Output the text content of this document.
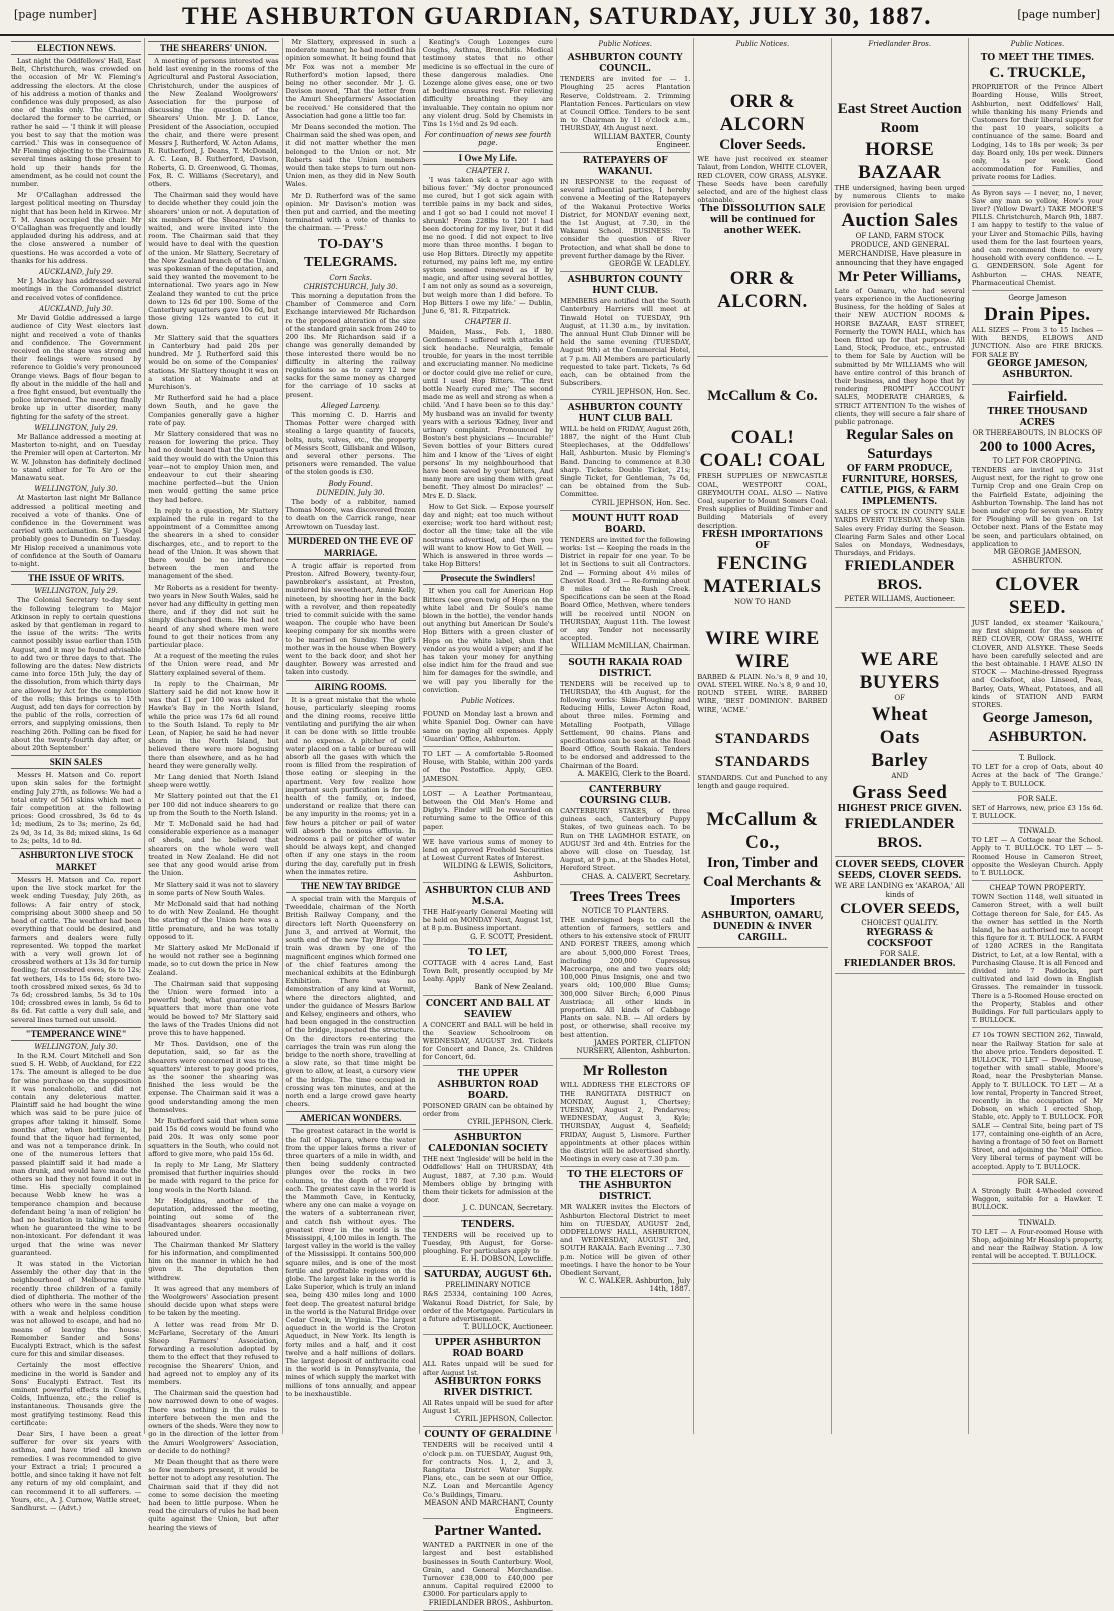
[page number]	THE ASHBURTON GUARDIAN, SATURDAY, JULY 30, 1887.	[page number]
ELECTION NEWS.

Last night the Oddfellows' Hall, East Belt, Christchurch, was crowded on the occasion of Mr W. Fleming's addressing the electors. At the close of his address a motion of thanks and confidence was duly proposed, as also one of thanks only. The Chairman declared the former to be carried, or rather he said — 'I think it will please you best to say that the motion was carried.' This was in consequence of Mr Fleming objecting to the Chairman several times asking those present to hold up their hands for the amendment, as he could not count the number.

Mr O'Callaghan addressed the largest political meeting on Thursday night that has been held in Kirwee. Mr T. M. Anson occupied the chair. Mr O'Callaghan was frequently and loudly applauded during his address, and at the close answered a number of questions. He was accorded a vote of thanks for his address.

AUCKLAND, July 29.

Mr J. Mackay has addressed several meetings in the Coromandel district and received votes of confidence.

AUCKLAND, July 30.

Mr David Goldie addressed a large audience of City West electors last night and received a vote of thanks and confidence. The Government received on the stage was strong and their feelings were roused by reference to Goldie's very pronounced Orange views. Bags of flour began to fly about in the middle of the hall and a free fight ensued, but eventually the police intervened. The meeting finally broke up in utter disorder, many fighting for the safety of the street.

WELLINGTON, July 29.

Mr Ballance addressed a meeting at Masterton to-night, and on Tuesday the Premier will open at Carterton. Mr W. W. Johnston has definitely declined to stand either for Te Aro or the Manawatu seat.

WELLINGTON, July 30.

At Masterton last night Mr Ballance addressed a political meeting and received a vote of thanks. One of confidence in the Government was carried with acclamation. Sir J. Vogel probably goes to Dunedin on Tuesday. Mr Hislop received a unanimous vote of confidence at the South of Oamaru to-night.

THE ISSUE OF WRITS.
WELLINGTON, July 29.

The Colonial Secretary to-day sent the following telegram to Major Atkinson in reply to certain questions asked by that gentleman in regard to the issue of the writs: 'The writs cannot possibly issue earlier than 15th August, and it may be found advisable to add two or three days to that. The following are the dates: New districts came into force 15th July, the day of the dissolution, from which thirty days are allowed by Act for the completion of the rolls; this brings us to 15th August, add ten days for correction by the public of the rolls, correction of errors, and supplying omissions, then reaching 26th. Polling can be fixed for about the twenty-fourth day after, or about 20th September.'

SKIN SALES

Messrs H. Matson and Co. report upon skin sales for the fortnight ending July 27th, as follows: We had a total entry of 561 skins which met a fair competition at the following prices: Good crossbred, 3s 6d to 4s 1d; medium, 2s to 3s; merino, 2s 6d, 2s 9d, 3s 1d, 3s 8d; mixed skins, 1s 6d to 2s; pelts, 1d to 8d.

ASHBURTON LIVE STOCK MARKET

Messrs H. Matson and Co. report upon the live stock market for the week ending Tuesday, July 26th, as follows: A fair entry of stock, comprising about 3000 sheep and 50 head of cattle. The weather had been everything that could be desired, and farmers and dealers were fully represented. We topped the market with a very well grown lot of crossbred wethers at 13s 3d for turnip feeding; fat crossbred ewes, 6s to 12s; fat wethers, 14s to 15s 6d; store two-tooth crossbred mixed sexes, 6s 3d to 7s 6d; crossbred lambs, 5s 3d to 10s 10d; crossbred ewes in lamb, 5s 6d to 8s 6d. Fat cattle a very dull sale, and several lines turned out unsold.

"TEMPERANCE WINE"
WELLINGTON, July 30.

In the R.M. Court Mitchell and Son sued S. H. Webb, of Auckland, for £22 17s. The amount is alleged to be due for wine purchase on the supposition it was nonalcoholic, and did not contain any deleterious matter. Plaintiff said he had bought the wine which was said to be pure juice of grapes after taking it himself. Some months after, when bottling it, he found that the liquor had fermented, and was not a temperance drink. In one of the numerous letters that passed plaintiff said it had made a man drunk, and would have made the others so had they not found it out in time. His specially complained because Webb knew he was a temperance champion and because defendant being 'a man of religion' he had no hesitation in taking his word when he guaranteed the wine to be non-intoxicant. For defendant it was urged that the wine was never guaranteed.

It was stated in the Victorian Assembly the other day that in the neighbourhood of Melbourne quite recently three children of a family died of diphtheria. The mother of the others who were in the same house with a weak and helpless condition was not allowed to escape, and had no means of leaving the house. Remember Sander and Sons' Eucalypti Extract, which is the safest cure for this and similar diseases.

Certainly the most effective medicine in the world is Sander and Sons' Eucalypti Extract. Test its eminent powerful effects in Coughs, Colds, Influenza, etc.; the relief is instantaneous. Thousands give the most gratifying testimony. Read this certificate:

Dear Sirs, I have been a great sufferer for over six years with asthma, and have tried all known remedies. I was recommended to give your Extract a trial; I procured a bottle, and since taking it have not felt any return of my old complaint, and can recommend it to all sufferers. — Yours, etc., A. J. Curnow, Wattle street, Sandhurst. — (Advt.)

THE SHEARERS' UNION.

A meeting of persons interested was held last evening in the rooms of the Agricultural and Pastoral Association, Christchurch, under the auspices of the New Zealand Woolgrowers' Association for the purpose of discussing the question of the Shearers' Union. Mr J. D. Lance, President of the Association, occupied the chair, and there were present Messrs J. Rutherford, W. Acton Adams, R. Rutherford, J. Deans, T. McDonald, A. C. Lean, B. Rutherford, Davison, Roberts, G. D. Greenwood, G. Thomas, Fox, R. C. Williams (Secretary), and others.

The Chairman said they would have to decide whether they could join the shearers' union or not. A deputation of six members of the Shearers' Union waited, and were invited into the room. The Chairman said that they would have to deal with the question of the union. Mr Slattery, Secretary of the New Zealand branch of the Union, was spokesman of the deputation, and said they wanted the movement to be international. Two years ago in New Zealand they wanted to cut the price down to 12s 6d per 100. Some of the Canterbury squatters gave 10s 6d, but those giving 12s wanted to cut it down.

Mr Slattery said that the squatters in Canterbury had paid 20s per hundred. Mr J. Rutherford said this would be on some of the Companies' stations. Mr Slattery thought it was on a station at Waimate and at Murchison's.

Mr Rutherford said he had a place down South, and he gave the Companies generally gave a higher rate of pay.

Mr Slattery considered that was no reason for lowering the price. They had no doubt heard that the squatters said they would do with the Union this year—not to employ Union men, and endeavour to cut their shearing machine perfected—but the Union men would getting the same price they had before.

In reply to a question, Mr Slattery explained the rule in regard to the appointment of a Committee among the shearers in a shed to consider discharges, etc., and to report to the head of the Union. It was shown that there would be no interference between the men and the management of the shed.

Mr Roberts as a resident for twenty-two years in New South Wales, said he never had any difficulty in getting men there, and if they did not suit he simply discharged them. He had not heard of any shed where men were found to get their notices from any particular place.

At a request of the meeting the rules of the Union were read, and Mr Slattery explained several of them.

In reply to the Chairman, Mr Slattery said he did not know how it was that £1 per 100 was asked for Hawke's Bay in the North Island, while the price was 17s 6d all round to the South Island. To reply to Mr Lean, of Napier, he said he had never shorn in the North Island, but believed there were more bogusing there than elsewhere, and as he had heard they were generally welly.

Mr Lang denied that North Island sheep were wettly.

Mr Slattery pointed out that the £1 per 100 did not induce shearers to go up from the South to the North Island.

Mr T. McDonald said he had had considerable experience as a manager of sheds, and he believed that shearers on the whole were well treated in New Zealand. He did not see that any good would arise from the Union.

Mr Slattery said it was not to slavery in some parts of New South Wales.

Mr McDonald said that had nothing to do with New Zealand. He thought the starting of the Union here was a little premature, and he was totally opposed to it.

Mr Slattery asked Mr McDonald if he would not rather see a beginning made, so to cut down the price in New Zealand.

The Chairman said that supposing the Union were formed into a powerful body, what guarantee had squatters that more than one vote would be bowed to? Mr Slattery said the laws of the Trades Unions did not prove this to have happened.

Mr Thos. Davidson, one of the deputation, said, so far as the shearers were concerned it was to the squatters' interest to pay good prices, as the sooner the shearing was finished the less would be the expense. The Chairman said it was a good understanding among the men themselves.

Mr Rutherford said that when some paid 15s 6d cows would be found who paid 20s. It was only some poor squatters in the South, who could not afford to give more, who paid 15s 6d.

In reply to Mr Lang, Mr Slattery promised that further inquiries should be made with regard to the price for long wools in the North Island.

Mr Hodgkins, another of the deputation, addressed the meeting, pointing out some of the disadvantages shearers occasionally laboured under.

The Chairman thanked Mr Slattery for his information, and complimented him on the manner in which he had given it. The deputation then withdrew.

It was agreed that any members of the Woolgrowers' Association present should decide upon what steps were to be taken by the meeting.

A letter was read from Mr D. McFarlane, Secretary of the Amuri Sheep Farmers' Association, forwarding a resolution adopted by them to the effect that they refused to recognise the Shearers' Union, and had agreed not to employ any of its members.

The Chairman said the question had now narrowed down to one of wages. There was nothing in the rules to interfere between the men and the owners of the sheds. Were they now to go in the direction of the letter from the Amuri Woolgrowers' Association, or decide to do nothing?

Mr Dean thought that as there were so few members present, it would be better not to adopt any resolution. The Chairman said that if they did not come to some decision the meeting had been to little purpose. When he read the circulars of rules he had been quite against the Union, but after hearing the views of

Mr Slattery, expressed in such a moderate manner, he had modified his opinion somewhat. It being found that Mr Fox was not a member Mr Rutherford's motion lapsed, there being no other seconder. Mr J. G. Davison moved, 'That the letter from the Amuri Sheepfarmers' Association be received.' He considered that the Association had gone a little too far.

Mr Deans seconded the motion. The Chairman said the shed was open, and it did not matter whether the men belonged to the Union or not. Mr Roberts said the Union members would then take steps to turn out non-Union men, as they did in New South Wales.

Mr D. Rutherford was of the same opinion. Mr Davison's motion was then put and carried, and the meeting terminated with a vote of thanks to the chairman. — 'Press.'

TO-DAY'S TELEGRAMS.
Corn Sacks.
CHRISTCHURCH, July 30.

This morning a deputation from the Chamber of Commerce and Corn Exchange interviewed Mr Richardson re the proposed alteration of the size of the standard grain sack from 240 to 200 lbs. Mr Richardson said if a change was generally demanded by those interested there would be no difficulty in altering the railway regulations so as to carry 12 new sacks for the same money as charged for the carriage of 10 sacks at present.

Alleged Larceny.

This morning C. D. Harris and Thomas Potter were charged with stealing a large quantity of faucets, bolts, nuts, valves, etc., the property of Messrs Scott, Gillsbank and Wilson, and several other persons. The prisoners were remanded. The value of the stolen goods is £30.

Body Found.
DUNEDIN, July 30.

The body of a rabbiter, named Thomas Moore, was discovered frozen to death on the Carrick range, near Arrowtown on Tuesday last.

MURDERED ON THE EVE OF MARRIAGE.

A tragic affair is reported from Preston. Alfred Bowery, twenty-four, pawnbroker's assistant, at Preston, murdered his sweetheart, Annie Kelly, nineteen, by shooting her in the back with a revolver, and then repeatedly tried to commit suicide with the same weapon. The couple who have been keeping company for six months were to be married on Sunday. The girl's mother was in the house when Bowery went to the back door, and shot her daughter. Bowery was arrested and taken into custody.

AIRING ROOMS.

It is a great mistake that the whole house, particularly sleeping rooms and the dining rooms, receive little ventilating and purifying the air when it can be done with so little trouble and no expense. A pitcher of cold water placed on a table or bureau will absorb all the gases with which the room is filled from the respiration of those eating or sleeping in the apartment. Very few realize how important such purification is for the health of the family, or, indeed, understand or realize that there can be any impurity in the rooms; yet in a few hours a pitcher or pail of water will absorb the noxious effluvia. In bedrooms a pail or pitcher of water should be always kept, and changed often if any one stays in the room during the day, carefully put in fresh when the inmates retire.

THE NEW TAY BRIDGE

A special train with the Marquis of Tweeddale, chairman of the North British Railway Company, and the directors left North Queensferry on June 3, and arrived at Wormit, the south end of the new Tay Bridge. The train was drawn by one of the magnificent engines which formed one of the chief features among the mechanical exhibits at the Edinburgh Exhibition. There was no demonstration of any kind at Wormit, where the directors alighted, and under the guidance of Messrs Barlow and Kelsey, engineers and others, who had been engaged in the construction of the bridge, inspected the structure. On the directors re-entering the carriages the train was run along the bridge to the north shore, travelling at a slow rate, so that time might be given to allow, at least, a cursory view of the bridge. The time occupied in crossing was ten minutes, and at the north end a large crowd gave hearty cheers.

AMERICAN WONDERS.

The greatest cataract in the world is the fall of Niagara, where the water from the upper lakes forms a river of three quarters of a mile in width, and then being suddenly contracted plunges over the rocks in two columns, to the depth of 170 feet each. The greatest cave in the world is the Mammoth Cave, in Kentucky, where any one can make a voyage on the waters of a subterranean river, and catch fish without eyes. The greatest river in the world is the Mississippi, 4,100 miles in length. The largest valley in the world is the valley of the Mississippi. It contains 500,000 square miles, and is one of the most fertile and profitable regions on the globe. The largest lake in the world is Lake Superior, which is truly an inland sea, being 430 miles long and 1000 feet deep. The greatest natural bridge in the world is the Natural Bridge over Cedar Creek, in Virginia. The largest aqueduct in the world is the Croton Aqueduct, in New York. Its length is forty miles and a half, and it cost twelve and a half millions of dollars. The largest deposit of anthracite coal in the world is in Pennsylvania, the mines of which supply the market with millions of tons annually, and appear to be inexhaustible.

Keating's Cough Lozenges cure Coughs, Asthma, Bronchitis. Medical testimony states that no other medicine is so effectual in the cure of these dangerous maladies. One Lozenge alone gives ease, one or two at bedtime ensures rest. For relieving difficulty breathing they are invaluable. They contain no opium nor any violent drug. Sold by Chemists in Tins 1s 1½d and 2s 9d each.

For continuation of news see fourth page.
I Owe My Life.
CHAPTER I.

'I was taken sick a year ago with bilious fever.' 'My doctor pronounced me cured, but I got sick again with terrible pains in my back and sides, and I got so bad I could not move! I shrunk! From 228lbs to 120! I had been doctoring for my liver, but it did me no good. I did not expect to live more than three months. I began to use Hop Bitters. Directly my appetite returned, my pains left me, my entire system seemed renewed as if by magic, and after using several bottles, I am not only as sound as a sovereign, but weigh more than I did before. To Hop Bitters I owe my life.' — Dublin, June 6, '81. R. Fitzpatrick.

CHAPTER II.

Maiden, Mass., Feb. 1, 1880. Gentlemen: I suffered with attacks of sick headache. Neuralgia, female trouble, for years in the most terrible and excruciating manner. No medicine or doctor could give me relief or cure, until I used Hop Bitters. 'The first bottle Nearly cured me;' The second made me as well and strong as when a child. 'And I have been so to this day.' My husband was an invalid for twenty years with a serious 'Kidney, liver and urinary complaint. Pronounced by Boston's best physicians — Incurable!' Seven bottles of your Bitters cured him and I know of the 'Lives of eight persons' In my neighbourhood that have been saved by your bitters, And many more are using them with great benefit. 'They almost Do miracles!' — Mrs E. D. Slack.

How to Get Sick. — Expose yourself day and night; eat too much without exercise; work too hard without rest; doctor all the time; take all the vile nostrums advertised, and then you will want to know How to Get Well. — Which is answered in three words — take Hop Bitters!

Prosecute the Swindlers!

If when you call for American Hop Bitters (see green twig of Hops on the white label and Dr Soule's name blown in the bottle), the vendor hands out anything but American Dr Soule's Hop Bitters with a green cluster of Hops on the white label, shun that vendor as you would a viper; and if he has taken your money for anything else indict him for the fraud and sue him for damages for the swindle, and we will pay you liberally for the conviction.

Public Notices.
FOUND on Monday last a brown and white Spaniel Dog. Owner can have same on paying all expenses. Apply 'Guardian' Office, Ashburton.
TO LET — A comfortable 5-Roomed House, with Stable, within 200 yards of the Postoffice. Apply, GEO. JAMESON.
LOST — A Leather Portmanteau, between the Old Men's Home and Digby's. Finder will be rewarded on returning same to the Office of this paper.
WE have various sums of money to lend on approved Freehold Securities at Lowest Current Rates of Interest.
WILDING & LEWIS, Solicitors, Ashburton.
ASHBURTON CLUB AND M.S.A.
THE Half-yearly General Meeting will be held on MONDAY Next, August 1st, at 8 p.m. Business important.
G. F. SCOTT, President.
TO LET,
COTTAGE with 4 acres Land, East Town Belt, presently occupied by Mr Leahy. Apply
Bank of New Zealand.
CONCERT AND BALL AT SEAVIEW
A CONCERT and BALL will be held in the Seaview Schoolroom on WEDNESDAY, AUGUST 3rd. Tickets for Concert and Dance, 2s. Children for Concert, 6d.
THE UPPER ASHBURTON ROAD BOARD.
POISONED GRAIN can be obtained by order from
CYRIL JEPHSON, Clerk.
ASHBURTON CALEDONIAN SOCIETY
THE next 'Ingleside' will be held in the Oddfellows' Hall on THURSDAY, 4th August, 1887, at 7.30 p.m. Would Members oblige by bringing with them their tickets for admission at the door.
J. C. DUNCAN, Secretary.
TENDERS.
TENDERS will be received up to Tuesday, 9th August, for Gorse-ploughing. For particulars apply to
E. H. DOBSON, Lowcliffe.
SATURDAY, AUGUST 6th.
PRELIMINARY NOTICE
R&S 25334, containing 100 Acres, Wakanui Road District, for Sale, by order of the Mortgagee. Particulars in a future advertisement.
T. BULLOCK, Auctioneer.
UPPER ASHBURTON ROAD BOARD
ALL Rates unpaid will be sued for after August 1st.
ASHBURTON FORKS RIVER DISTRICT.
All Rates unpaid will be sued for after August 1st.
CYRIL JEPHSON, Collector.
COUNTY OF GERALDINE
TENDERS will be received until 4 o'clock p.m. on TUESDAY, August 9th, for contracts Nos. 1, 2, and 3, Rangitata District Water Supply. Plans, etc., can be seen at our Office, N.Z. Loan and Mercantile Agency Co.'s Buildings, Timaru.
MEASON AND MARCHANT, County Engineers.
Partner Wanted.
WANTED a PARTNER in one of the largest and best established businesses in South Canterbury. Wool, Grain, and General Merchandise. Turnover £38,000 to £40,000 per annum. Capital required £2000 to £3000. For particulars apply to
FRIEDLANDER BROS., Ashburton.
Public Notices.
ASHBURTON COUNTY COUNCIL.
TENDERS are invited for — 1. Ploughing 25 acres Plantation Reserve, Coldstream. 2. Trimming Plantation Fences. Particulars on view at Council Office. Tenders to be sent in to Chairman by 11 o'clock a.m., THURSDAY, 4th August next.
WILLIAM BAXTER, County Engineer.
RATEPAYERS OF WAKANUI.
IN RESPONSE to the request of several influential parties, I hereby convene a Meeting of the Ratepayers of the Wakanui Protective Works District, for MONDAY evening next, the 1st August, at 7.30, in the Wakanui School. BUSINESS: To consider the question of River Protection, and what shall be done to prevent further damage by the River.
GEORGE W. LEADLEY.
ASHBURTON COUNTY HUNT CLUB.
MEMBERS are notified that the South Canterbury Harriers will meet at Tinwald Hotel on TUESDAY, 9th August, at 11.30 a.m., by invitation. The annual Hunt Club Dinner will be held the same evening (TUESDAY, August 9th) at the Commercial Hotel, at 7 p.m. All Members are particularly requested to take part. Tickets, 7s 6d each, can be obtained from the Subscribers.
CYRIL JEPHSON, Hon. Sec.
ASHBURTON COUNTY HUNT CLUB BALL
WILL be held on FRIDAY, August 26th, 1887, the night of the Hunt Club Steeplechases, at the Oddfellows' Hall, Ashburton. Music by Fleming's Band. Dancing to commence at 8.30 sharp. Tickets: Double Ticket, 21s; Single Ticket, for Gentleman, 7s 6d, can be obtained from the Sub-Committee.
CYRIL JEPHSON, Hon. Sec.
MOUNT HUTT ROAD BOARD.
TENDERS are invited for the following works: 1st — Keeping the roads in the District in repair for one year. To be let in Sections to suit all Contractors. 2nd — Forming about 4½ miles of Cheviot Road. 3rd — Re-forming about 8 miles of the Rush Creek. Specifications can be seen at the Road Board Office, Methven, where tenders will be received until NOON on THURSDAY, August 11th. The lowest or any Tender not necessarily accepted.
WILLIAM McMILLAN, Chairman.
SOUTH RAKAIA ROAD DISTRICT.
TENDERS will be received up to THURSDAY, the 4th August, for the following works: Skim-Ploughing and Reducing Hills, Lower Acton Road, about three miles. Forming and Metalling Footpath, Village Settlement, 90 chains. Plans and specifications can be seen at the Road Board Office, South Rakaia. Tenders to be endorsed and addressed to the Chairman of the Board.
A. MAKEIG, Clerk to the Board.
CANTERBURY COURSING CLUB.
CANTERBURY STAKES, of three guineas each, Canterbury Puppy Stakes, of two guineas each. To be Run on THE LAGMHOR ESTATE, on AUGUST 3rd and 4th. Entries for the above will close on Tuesday, 1st August, at 9 p.m., at the Shades Hotel, Hereford Street.
CHAS. A. CALVERT, Secretary.
Trees Trees Trees
NOTICE TO PLANTERS.
THE undersigned begs to call the attention of farmers, settlers and others to his extensive stock of FRUIT AND FOREST TREES, among which are about 5,000,000 Forest Trees, including 200,000 Cupressus Macrocarpa, one and two years old; 100,000 Pinus Insignis, one and two years old; 100,000 Blue Gums; 300,000 Silver Birch; 6,000 Pinus Austriaca; all other kinds in proportion. All kinds of Cabbage Plants on sale. N.B. — All orders by post, or otherwise, shall receive my best attention.
JAMES PORTER, CLIFTON NURSERY, Allenton, Ashburton.
Mr Rolleston
WILL ADDRESS THE ELECTORS OF THE RANGITATA DISTRICT on MONDAY, August 1, Chertsey; TUESDAY, August 2, Pendarves; WEDNESDAY, August 3, Kyle; THURSDAY, August 4, Seafield; FRIDAY, August 5, Lismore. Further appointments at other places within the district will be advertised shortly. Meetings in every case at 7.30 p.m.
TO THE ELECTORS OF THE ASHBURTON DISTRICT.
MR WALKER invites the Electors of Ashburton Electoral District to meet him on TUESDAY, AUGUST 2nd, ODDFELLOWS' HALL, ASHBURTON, and WEDNESDAY, AUGUST 3rd, SOUTH RAKAIA. Each Evening ... 7.30 p.m. Notice will be given of other meetings. I have the honor to be Your Obedient Servant,
W. C. WALKER. Ashburton, July 14th, 1887.
Public Notices.
ORR & ALCORN
Clover Seeds.
WE have just received ex steamer Talaut, from London, WHITE CLOVER, RED CLOVER, COW GRASS, ALSYKE. These Seeds have been carefully selected, and are of the highest class obtainable.
The DISSOLUTION SALE will be continued for another WEEK.
ORR & ALCORN.
McCallum & Co.
COAL! COAL! COAL
FRESH SUPPLIES OF NEWCASTLE COAL, WESTPORT COAL, GREYMOUTH COAL. ALSO — Native Coal, superior to Mount Somers Coal. Fresh supplies of Building Timber and Building Materials of every description.
FRESH IMPORTATIONS OF
FENCING MATERIALS
NOW TO HAND
WIRE WIRE WIRE
BARBED & PLAIN. No.'s 8, 9 and 10, OVAL STEEL WIRE. No.'s 8, 9 and 10, ROUND STEEL WIRE. BARBED WIRE, 'BEST DOMINION'. BARBED WIRE, 'ACME.'
STANDARDS STANDARDS
STANDARDS. Cut and Punched to any length and gauge required.
McCallum & Co.,
Iron, Timber and Coal Merchants & Importers
ASHBURTON, OAMARU, DUNEDIN & INVER CARGILL.
Friedlander Bros.
East Street Auction Room
HORSE BAZAAR
THE undersigned, having been urged by numerous Clients to make provision for periodical
Auction Sales
OF LAND, FARM STOCK PRODUCE, AND GENERAL MERCHANDISE, Have pleasure in announcing that they have engaged
Mr Peter Williams,
Late of Oamaru, who had several years experience in the Auctioneering Business, for the holding of Sales at their NEW AUCTION ROOMS & HORSE BAZAAR, EAST STREET, Formerly the TOWN HALL, which has been fitted up for that purpose. All Land, Stock, Produce, etc., entrusted to them for Sale by Auction will be submitted by Mr WILLIAMS who will have entire control of this branch of their business, and they hope that by rendering PROMPT ACCOUNT SALES, MODERATE CHARGES, & STRICT ATTENTION To the wishes of clients, they will secure a fair share of public patronage.
Regular Sales on Saturdays
OF FARM PRODUCE, FURNITURE, HORSES, CATTLE, PIGS, & FARM IMPLEMENTS.
SALES OF STOCK IN COUNTY SALE YARDS EVERY TUESDAY. Sheep Skin Sales every Friday during the Season. Clearing Farm Sales and other Local Sales on Mondays, Wednesdays, Thursdays, and Fridays.
FRIEDLANDER BROS.
PETER WILLIAMS, Auctioneer.
WE ARE BUYERS
OF
Wheat
Oats
Barley
AND
Grass Seed
HIGHEST PRICE GIVEN.
FRIEDLANDER BROS.
CLOVER SEEDS, CLOVER SEEDS, CLOVER SEEDS.
WE ARE LANDING ex 'AKAROA,' All kinds of
CLOVER SEEDS,
CHOICEST QUALITY.
RYEGRASS & COCKSFOOT
FOR SALE.
FRIEDLANDER BROS.
Public Notices.
TO MEET THE TIMES.
C. TRUCKLE,
PROPRIETOR of the Prince Albert Boarding House, Wills Street, Ashburton, next Oddfellows' Hall, while thanking his many Friends and Customers for their liberal support for the past 10 years, solicits a continuance of the same. Board and Lodging, 14s to 18s per week; 3s per day. Board only, 10s per week. Dinners only, 1s per week. Good accommodation for Families, and private rooms for Ladies.
As Byron says — I never, no, I never, Saw any man so yellow, How's your liver? (Yellow Dwarf.) TAKE MOORE'S PILLS. Christchurch, March 9th, 1887. I am happy to testify to the value of your Liver and Stomachic Pills, having used them for the last fourteen years, and can recommend them to every household with every confidence. — L. G. GENDERSON. Sole Agent for Ashburton — CHAS. NEATE, Pharmaceutical Chemist.
George Jameson
Drain Pipes.
ALL SIZES — From 3 to 15 Inches — With BENDS, ELBOWS AND JUNCTION. Also are FIRE BRICKS. FOR SALE BY
GEORGE JAMESON, ASHBURTON.
Fairfield.
THREE THOUSAND ACRES
OR THEREABOUTS, IN BLOCKS OF
200 to 1000 Acres,
TO LET FOR CROPPING.
TENDERS are invited up to 31st August next, for the right to grow one Turnip Crop and one Grain Crop on the Fairfield Estate, adjoining the Ashburton Township. The land has not been under crop for seven years. Entry for Ploughing will be given on 1st October next. Plans of the Estate may be seen, and particulars obtained, on application to
MR GEORGE JAMESON, ASHBURTON.
CLOVER SEED.
JUST landed, ex steamer 'Kaikoura,' my first shipment for the season of RED CLOVER, COW GRASS, WHITE CLOVER, AND ALSYKE. These Seeds have been carefully selected and are the best obtainable. I HAVE ALSO IN STOCK — Machine-dressed Ryegrass and Cocksfoot, also Linseed, Peas, Barley, Oats, Wheat, Potatoes, and all kinds of STATION AND FARM STORES.
George Jameson, ASHBURTON.
T. Bullock.
TO LET for a crop of Oats, about 40 Acres at the back of 'The Grange.' Apply to T. BULLOCK.
FOR SALE.
SET of Harrows, new, price £3 15s 6d. T. BULLOCK.
TINWALD.
TO LET — A Cottage near the School. Apply to T. BULLOCK. TO LET — 5-Roomed House in Cameron Street, opposite the Wesleyan Church. Apply to T. BULLOCK.
CHEAP TOWN PROPERTY.
TOWN Section 1148, well situated in Cameron Street, with a well built Cottage thereon for Sale, for £45. As the owner has settled in the North Island, he has authorised me to accept this figure for it. T. BULLOCK. A FARM of 1280 ACRES in the Rangitata District, to Let, at a low Rental, with a Purchasing Clause. It is all Fenced and divided into 7 Paddocks, part cultivated and laid down in English Grasses. The remainder in tussock. There is a 5-Roomed House erected on the Property, Stables and other Buildings. For full particulars apply to T. BULLOCK.
£7 10s TOWN SECTION 262, Tinwald, near the Railway Station for sale at the above price. Tenders deposited. T. BULLOCK. TO LET — Dwellinghouse, together with small stable, Moore's Road, near the Presbyterian Manse. Apply to T. BULLOCK. TO LET — At a low rental, Property in Tancred Street, recently in the occupation of Mr Dobson, on which 1 erected Shop, Stable, etc. Apply to T. BULLOCK. FOR SALE — Central Site, being part of TS 177, containing one-eighth of an Acre, having a frontage of 50 feet on Barnett Street, and adjoining the 'Mail' Office. Very liberal terms of payment will be accepted. Apply to T. BULLOCK.
FOR SALE.
A Strongly Built 4-Wheeled covered Waggon, suitable for a Hawker. T. BULLOCK.
TINWALD.
TO LET — A Four-roomed House with Shop, adjoining Mr Heaslop's property, and near the Railway Station. A low rental will be accepted. T. BULLOCK.
